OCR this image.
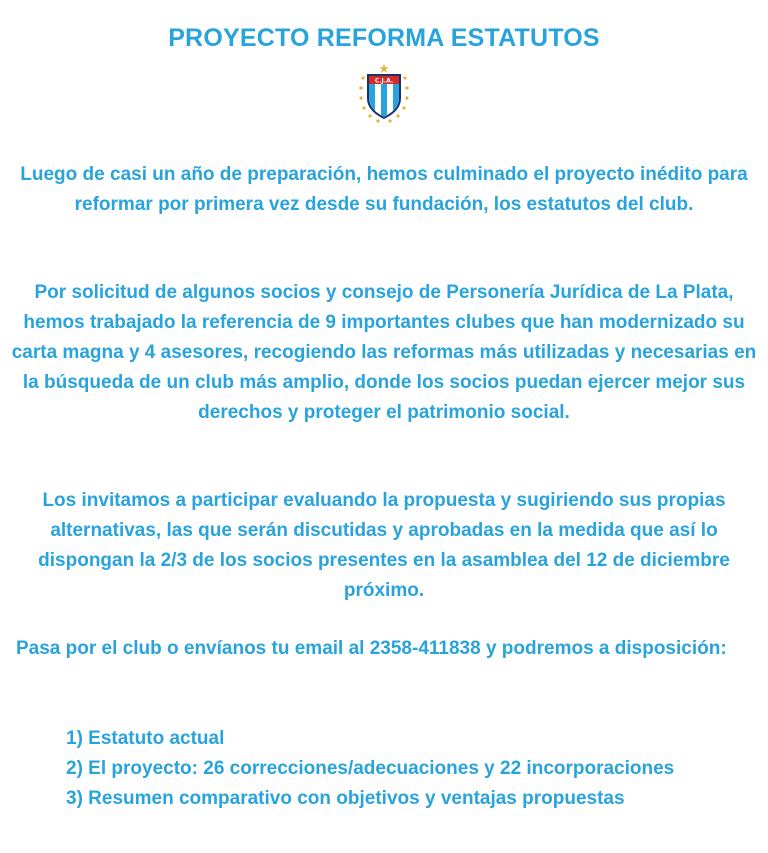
PROYECTO REFORMA ESTATUTOS
C.J.A.

Luego de casi un año de preparación, hemos culminado el proyecto inédito para reformar por primera vez desde su fundación, los estatutos del club.

Por solicitud de algunos socios y consejo de Personería Jurídica de La Plata, hemos trabajado la referencia de 9 importantes clubes que han modernizado su carta magna y 4 asesores, recogiendo las reformas más utilizadas y necesarias en la búsqueda de un club más amplio, donde los socios puedan ejercer mejor sus derechos y proteger el patrimonio social.

Los invitamos a participar evaluando la propuesta y sugiriendo sus propias alternativas, las que serán discutidas y aprobadas en la medida que así lo dispongan la 2/3 de los socios presentes en la asamblea del 12 de diciembre próximo.

Pasa por el club o envíanos tu email al 2358-411838 y podremos a disposición:

1) Estatuto actual
2) El proyecto: 26 correcciones/adecuaciones y 22 incorporaciones
3) Resumen comparativo con objetivos y ventajas propuestas
